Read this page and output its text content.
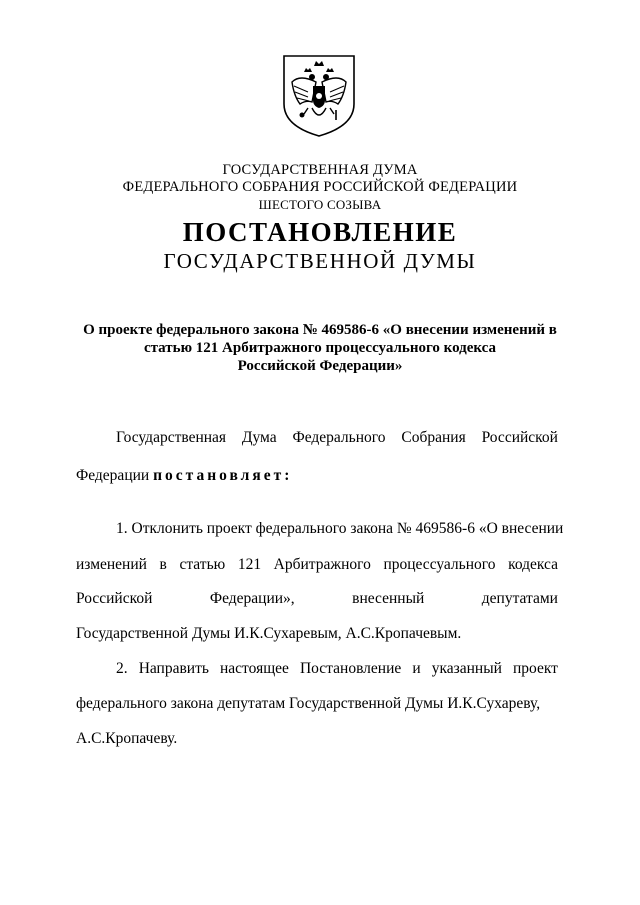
ГОСУДАРСТВЕННАЯ ДУМА
ФЕДЕРАЛЬНОГО СОБРАНИЯ РОССИЙСКОЙ ФЕДЕРАЦИИ
ШЕСТОГО СОЗЫВА
ПОСТАНОВЛЕНИЕ
ГОСУДАРСТВЕННОЙ ДУМЫ
О проекте федерального закона № 469586-6 «О внесении изменений в
статью 121 Арбитражного процессуального кодекса
Российской Федерации»
Государственная Дума Федерального Собрания Российской
Федерации постановляет:
1. Отклонить проект федерального закона № 469586-6 «О внесении
изменений в статью 121 Арбитражного процессуального кодекса
Российской	Федерации»,	внесенный	депутатами
Государственной Думы И.К.Сухаревым, А.С.Кропачевым.
2. Направить настоящее Постановление и указанный проект
федерального закона депутатам Государственной Думы И.К.Сухареву,
А.С.Кропачеву.
